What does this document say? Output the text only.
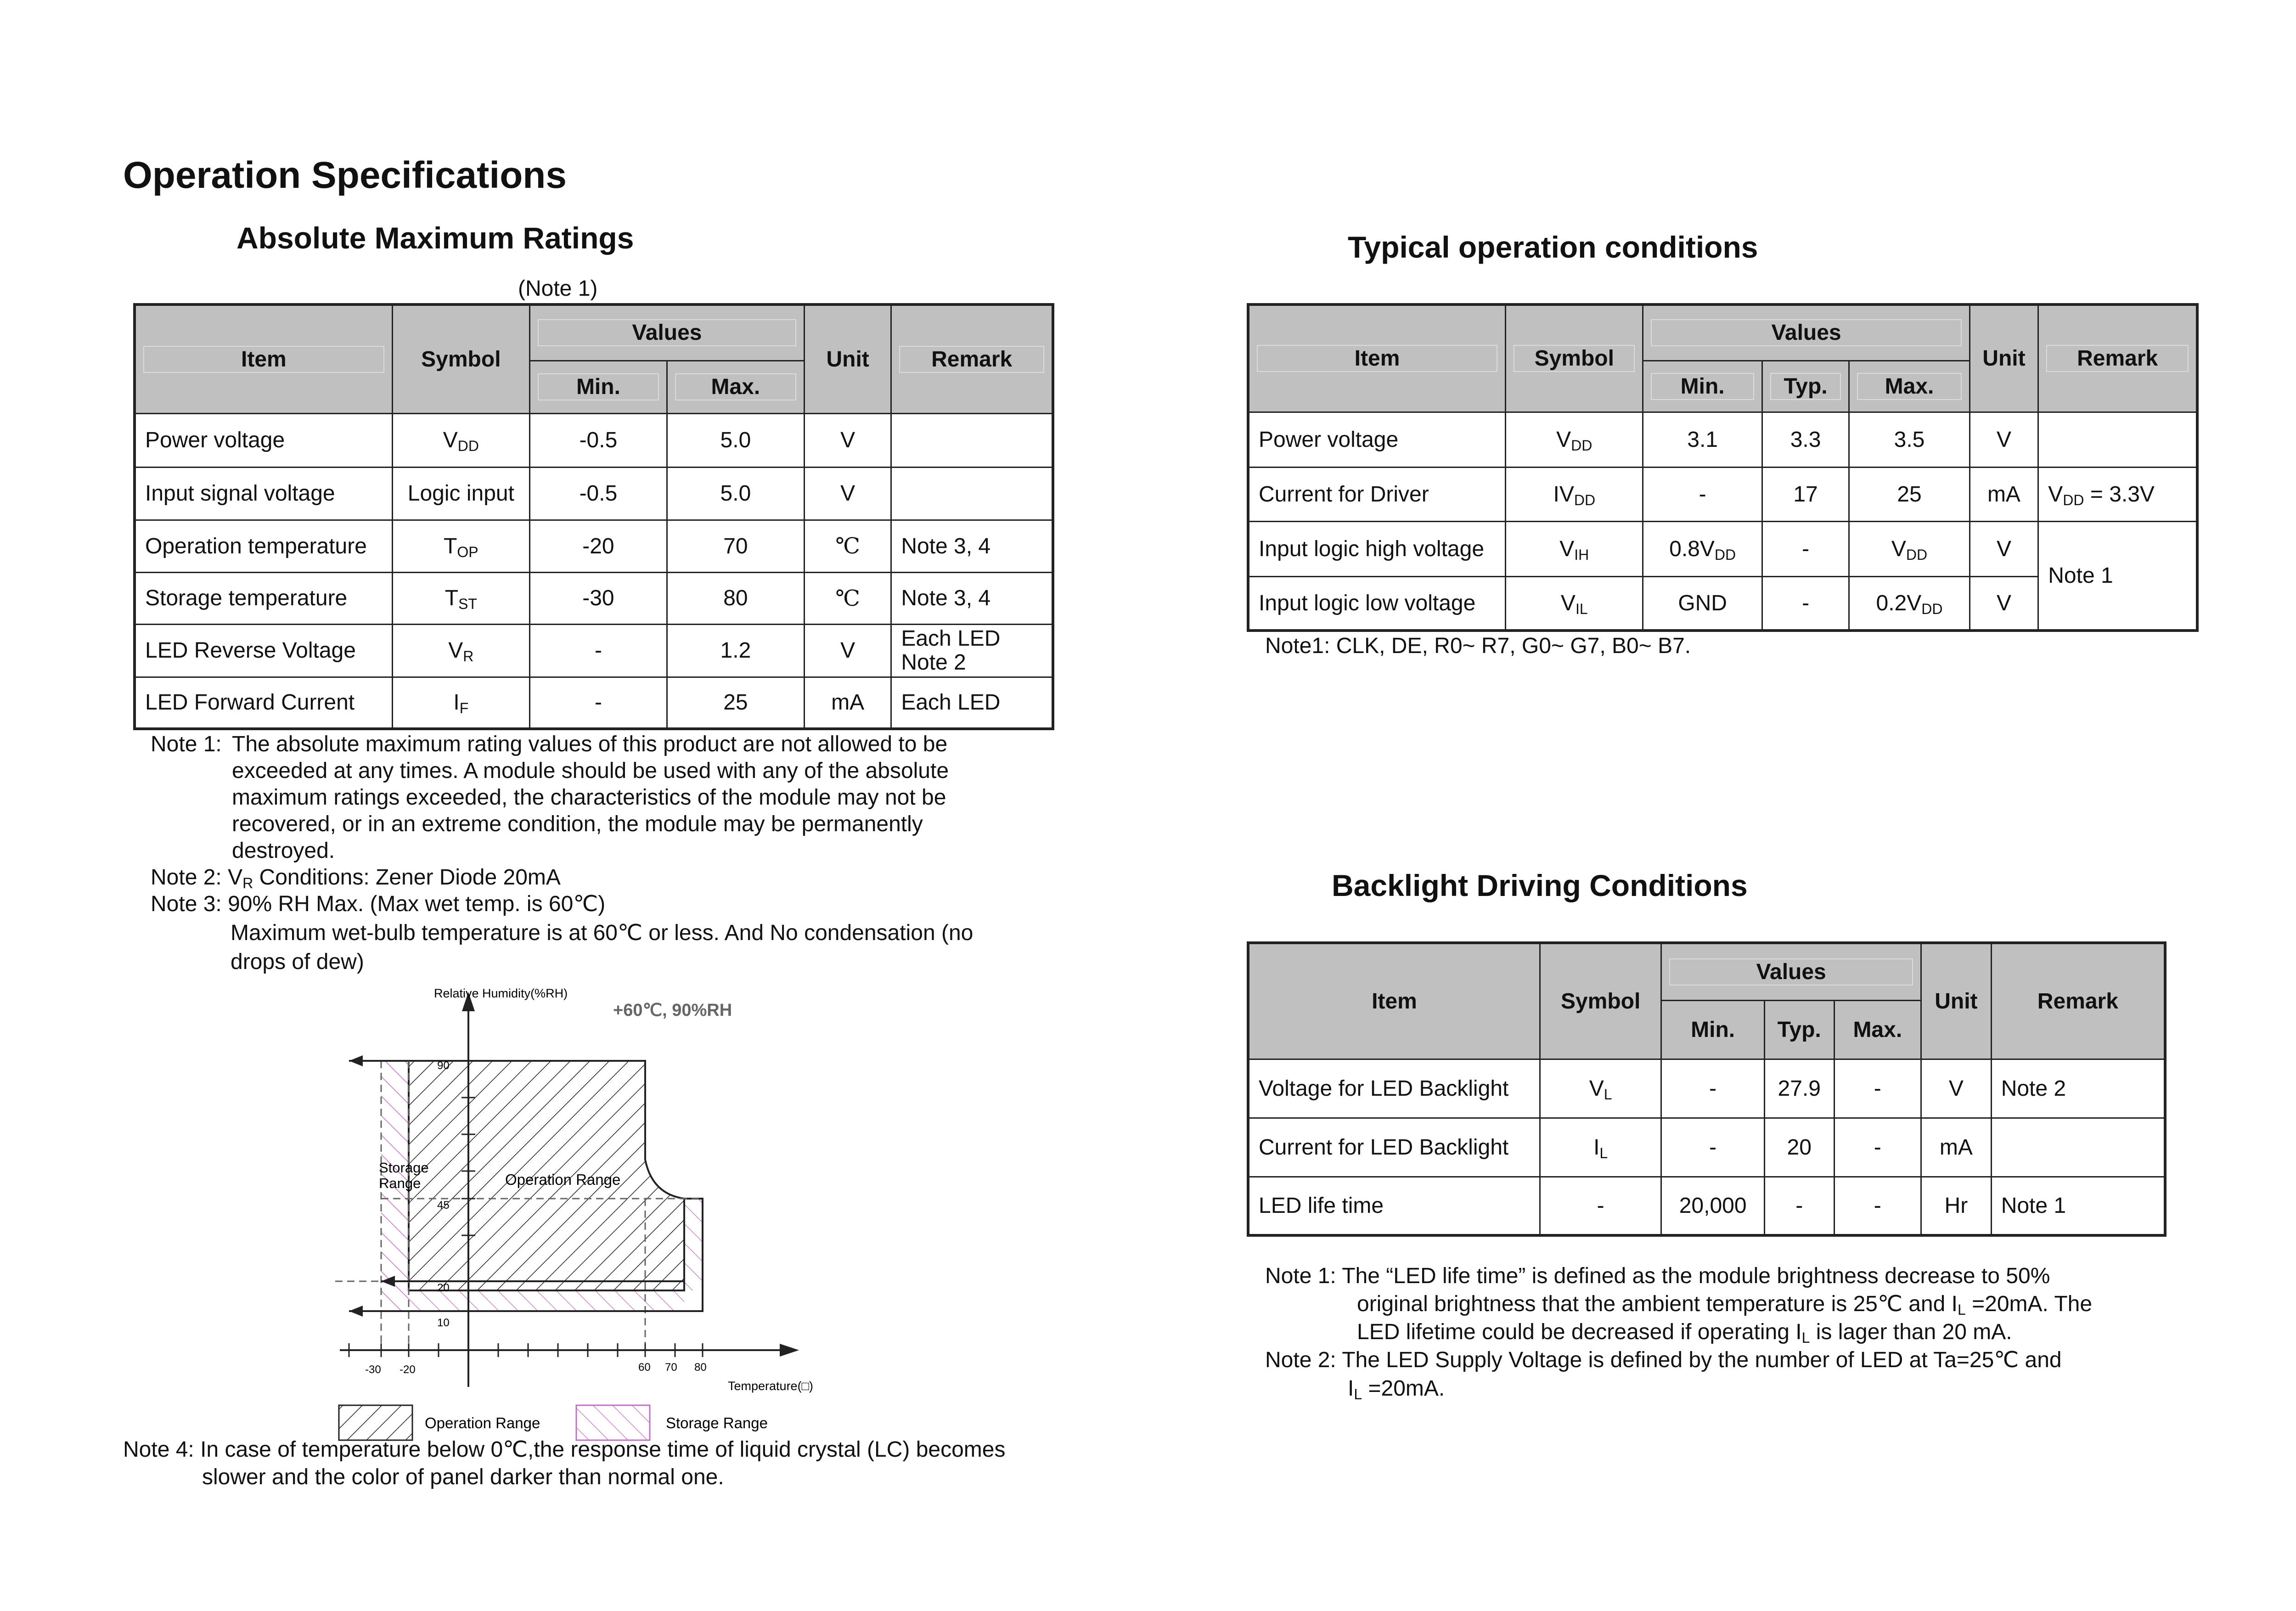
Operation Specifications
Absolute Maximum Ratings
(Note 1)
Item	Symbol	Values		Unit	Remark

		Min.	Max.		

Power voltage	$V_{DD}$	-0.5	5.0	V	
Input signal voltage	Logic input	-0.5	5.0	V	
Operation temperature	$T_{OP}$	-20	70	℃	Note 3, 4
Storage temperature	$T_{ST}$	-30	80	℃	Note 3, 4
LED Reverse Voltage	$V_R$	-	1.2	V	Each LED
Note 2

LED Forward Current	$I_F$	-	25	mA	Each LED
Note 1: The absolute maximum rating values of this product are not allowed to be
exceeded at any times. A module should be used with any of the absolute
maximum ratings exceeded, the characteristics of the module may not be
recovered, or in an extreme condition, the module may be permanently
destroyed.
Note 2: $V_R$ Conditions: Zener Diode 20mA
Note 3: 90% RH Max. (Max wet temp. is 60℃)
Maximum wet-bulb temperature is at 60℃ or less. And No condensation (no
drops of dew)
Relative Humidity(%RH)
+60℃, 90%RH
90
45
20
10
-30 -20	60 70 80
Temperature(□)
Storage
Range	Operation Range
Operation Range	Storage Range
Note 4: In case of temperature below 0℃,the response time of liquid crystal (LC) becomes
slower and the color of panel darker than normal one.
Typical operation conditions
Item	Symbol	Values			Unit	Remark

		Min.	Typ.	Max.		

Power voltage	$V_{DD}$	3.1	3.3	3.5	V	
Current for Driver	$IV_{DD}$	-	17	25	mA	$V_{DD} = 3.3V$
Input logic high voltage	$V_{IH}$	$0.8V_{DD}$	-	$V_{DD}$	V	Note 1
Input logic low voltage	$V_{IL}$	GND	-	$0.2V_{DD}$	V	
Note1: CLK, DE, R0~ R7, G0~ G7, B0~ B7.
Backlight Driving Conditions
Item	Symbol	Values			Unit	Remark
		Min.	Typ.	Max.		
Voltage for LED Backlight	$V_L$	-	27.9	-	V	Note 2
Current for LED Backlight	$I_L$	-	20	-	mA	
LED life time	-	20,000	-	-	Hr	Note 1
Note 1: The “LED life time” is defined as the module brightness decrease to 50%
original brightness that the ambient temperature is 25℃ and $I_L =20mA$. The
LED lifetime could be decreased if operating $I_L$ is lager than 20 mA.
Note 2: The LED Supply Voltage is defined by the number of LED at Ta=25℃ and
$I_L =20mA$.
